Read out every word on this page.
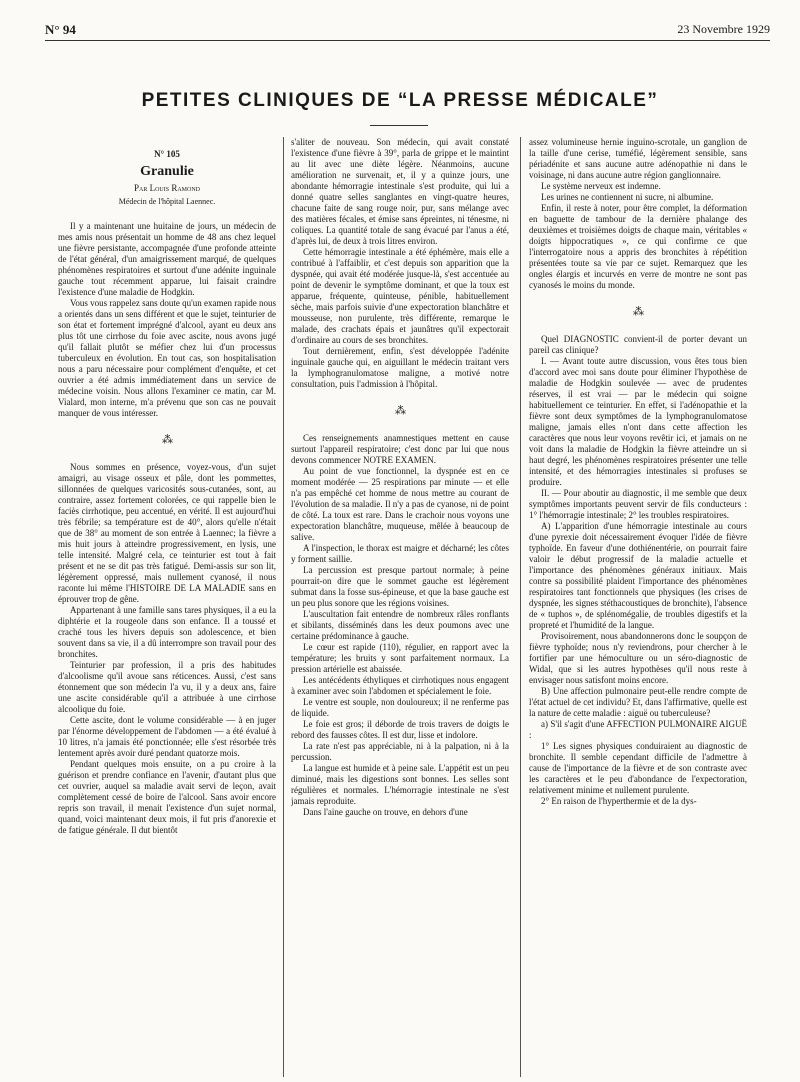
N° 94	23 Novembre 1929
PETITES CLINIQUES DE “LA PRESSE MÉDICALE”
N° 105
Granulie
Par Louis Ramond
Médecin de l'hôpital Laennec.

Il y a maintenant une huitaine de jours, un médecin de mes amis nous présentait un homme de 48 ans chez lequel une fièvre persistante, accompagnée d'une profonde atteinte de l'état général, d'un amaigrissement marqué, de quelques phénomènes respiratoires et surtout d'une adénite inguinale gauche tout récemment apparue, lui faisait craindre l'existence d'une maladie de Hodgkin.

Vous vous rappelez sans doute qu'un examen rapide nous a orientés dans un sens différent et que le sujet, teinturier de son état et fortement imprégné d'alcool, ayant eu deux ans plus tôt une cirrhose du foie avec ascite, nous avons jugé qu'il fallait plutôt se méfier chez lui d'un processus tuberculeux en évolution. En tout cas, son hospitalisation nous a paru nécessaire pour complément d'enquête, et cet ouvrier a été admis immédiatement dans un service de médecine voisin. Nous allons l'examiner ce matin, car M. Vialard, mon interne, m'a prévenu que son cas ne pouvait manquer de vous intéresser.

⁂

Nous sommes en présence, voyez-vous, d'un sujet amaigri, au visage osseux et pâle, dont les pommettes, sillonnées de quelques varicosités sous-cutanées, sont, au contraire, assez fortement colorées, ce qui rappelle bien le faciès cirrhotique, peu accentué, en vérité. Il est aujourd'hui très fébrile; sa température est de 40°, alors qu'elle n'était que de 38° au moment de son entrée à Laennec; la fièvre a mis huit jours à atteindre progressivement, en lysis, une telle intensité. Malgré cela, ce teinturier est tout à fait présent et ne se dit pas très fatigué. Demi-assis sur son lit, légèrement oppressé, mais nullement cyanosé, il nous raconte lui même l'HISTOIRE DE LA MALADIE sans en éprouver trop de gêne.

Appartenant à une famille sans tares physiques, il a eu la diphtérie et la rougeole dans son enfance. Il a toussé et craché tous les hivers depuis son adolescence, et bien souvent dans sa vie, il a dû interrompre son travail pour des bronchites.

Teinturier par profession, il a pris des habitudes d'alcoolisme qu'il avoue sans réticences. Aussi, c'est sans étonnement que son médecin l'a vu, il y a deux ans, faire une ascite considérable qu'il a attribuée à une cirrhose alcoolique du foie.

Cette ascite, dont le volume considérable — à en juger par l'énorme développement de l'abdomen — a été évalué à 10 litres, n'a jamais été ponctionnée; elle s'est résorbée très lentement après avoir duré pendant quatorze mois.

Pendant quelques mois ensuite, on a pu croire à la guérison et prendre confiance en l'avenir, d'autant plus que cet ouvrier, auquel sa maladie avait servi de leçon, avait complètement cessé de boire de l'alcool. Sans avoir encore repris son travail, il menait l'existence d'un sujet normal, quand, voici maintenant deux mois, il fut pris d'anorexie et de fatigue générale. Il dut bientôt

s'aliter de nouveau. Son médecin, qui avait constaté l'existence d'une fièvre à 39°, parla de grippe et le maintint au lit avec une diète légère. Néanmoins, aucune amélioration ne survenait, et, il y a quinze jours, une abondante hémorragie intestinale s'est produite, qui lui a donné quatre selles sanglantes en vingt-quatre heures, chacune faite de sang rouge noir, pur, sans mélange avec des matières fécales, et émise sans épreintes, ni ténesme, ni coliques. La quantité totale de sang évacué par l'anus a été, d'après lui, de deux à trois litres environ.

Cette hémorragie intestinale a été éphémère, mais elle a contribué à l'affaiblir, et c'est depuis son apparition que la dyspnée, qui avait été modérée jusque-là, s'est accentuée au point de devenir le symptôme dominant, et que la toux est apparue, fréquente, quinteuse, pénible, habituellement sèche, mais parfois suivie d'une expectoration blanchâtre et mousseuse, non purulente, très différente, remarque le malade, des crachats épais et jaunâtres qu'il expectorait d'ordinaire au cours de ses bronchites.

Tout dernièrement, enfin, s'est développée l'adénite inguinale gauche qui, en aiguillant le médecin traitant vers la lymphogranulomatose maligne, a motivé notre consultation, puis l'admission à l'hôpital.

⁂

Ces renseignements anamnestiques mettent en cause surtout l'appareil respiratoire; c'est donc par lui que nous devons commencer NOTRE EXAMEN.

Au point de vue fonctionnel, la dyspnée est en ce moment modérée — 25 respirations par minute — et elle n'a pas empêché cet homme de nous mettre au courant de l'évolution de sa maladie. Il n'y a pas de cyanose, ni de point de côté. La toux est rare. Dans le crachoir nous voyons une expectoration blanchâtre, muqueuse, mêlée à beaucoup de salive.

A l'inspection, le thorax est maigre et décharné; les côtes y forment saillie.

La percussion est presque partout normale; à peine pourrait-on dire que le sommet gauche est légèrement submat dans la fosse sus-épineuse, et que la base gauche est un peu plus sonore que les régions voisines.

L'auscultation fait entendre de nombreux râles ronflants et sibilants, disséminés dans les deux poumons avec une certaine prédominance à gauche.

Le cœur est rapide (110), régulier, en rapport avec la température; les bruits y sont parfaitement normaux. La pression artérielle est abaissée.

Les antécédents éthyliques et cirrhotiques nous engagent à examiner avec soin l'abdomen et spécialement le foie.

Le ventre est souple, non douloureux; il ne renferme pas de liquide.

Le foie est gros; il déborde de trois travers de doigts le rebord des fausses côtes. Il est dur, lisse et indolore.

La rate n'est pas appréciable, ni à la palpation, ni à la percussion.

La langue est humide et à peine sale. L'appétit est un peu diminué, mais les digestions sont bonnes. Les selles sont régulières et normales. L'hémorragie intestinale ne s'est jamais reproduite.

Dans l'aine gauche on trouve, en dehors d'une

assez volumineuse hernie inguino-scrotale, un ganglion de la taille d'une cerise, tuméfié, légèrement sensible, sans périadénite et sans aucune autre adénopathie ni dans le voisinage, ni dans aucune autre région ganglionnaire.

Le système nerveux est indemne.

Les urines ne contiennent ni sucre, ni albumine.

Enfin, il reste à noter, pour être complet, la déformation en baguette de tambour de la dernière phalange des deuxièmes et troisièmes doigts de chaque main, véritables « doigts hippocratiques », ce qui confirme ce que l'interrogatoire nous a appris des bronchites à répétition présentées toute sa vie par ce sujet. Remarquez que les ongles élargis et incurvés en verre de montre ne sont pas cyanosés le moins du monde.

⁂

Quel DIAGNOSTIC convient-il de porter devant un pareil cas clinique?

I. — Avant toute autre discussion, vous êtes tous bien d'accord avec moi sans doute pour éliminer l'hypothèse de maladie de Hodgkin soulevée — avec de prudentes réserves, il est vrai — par le médecin qui soigne habituellement ce teinturier. En effet, si l'adénopathie et la fièvre sont deux symptômes de la lymphogranulomatose maligne, jamais elles n'ont dans cette affection les caractères que nous leur voyons revêtir ici, et jamais on ne voit dans la maladie de Hodgkin la fièvre atteindre un si haut degré, les phénomènes respiratoires présenter une telle intensité, et des hémorragies intestinales si profuses se produire.

II. — Pour aboutir au diagnostic, il me semble que deux symptômes importants peuvent servir de fils conducteurs : 1° l'hémorragie intestinale; 2° les troubles respiratoires.

A) L'apparition d'une hémorragie intestinale au cours d'une pyrexie doit nécessairement évoquer l'idée de fièvre typhoïde. En faveur d'une dothiénentérie, on pourrait faire valoir le début progressif de la maladie actuelle et l'importance des phénomènes généraux initiaux. Mais contre sa possibilité plaident l'importance des phénomènes respiratoires tant fonctionnels que physiques (les crises de dyspnée, les signes stéthacoustiques de bronchite), l'absence de « tuphos », de splénomégalie, de troubles digestifs et la propreté et l'humidité de la langue.

Provisoirement, nous abandonnerons donc le soupçon de fièvre typhoïde; nous n'y reviendrons, pour chercher à le fortifier par une hémoculture ou un séro-diagnostic de Widal, que si les autres hypothèses qu'il nous reste à envisager nous satisfont moins encore.

B) Une affection pulmonaire peut-elle rendre compte de l'état actuel de cet individu? Et, dans l'affirmative, quelle est la nature de cette maladie : aiguë ou tuberculeuse?

a) S'il s'agit d'une AFFECTION PULMONAIRE AIGUË :

1° Les signes physiques conduiraient au diagnostic de bronchite. Il semble cependant difficile de l'admettre à cause de l'importance de la fièvre et de son contraste avec les caractères et le peu d'abondance de l'expectoration, relativement minime et nullement purulente.

2° En raison de l'hyperthermie et de la dys-
